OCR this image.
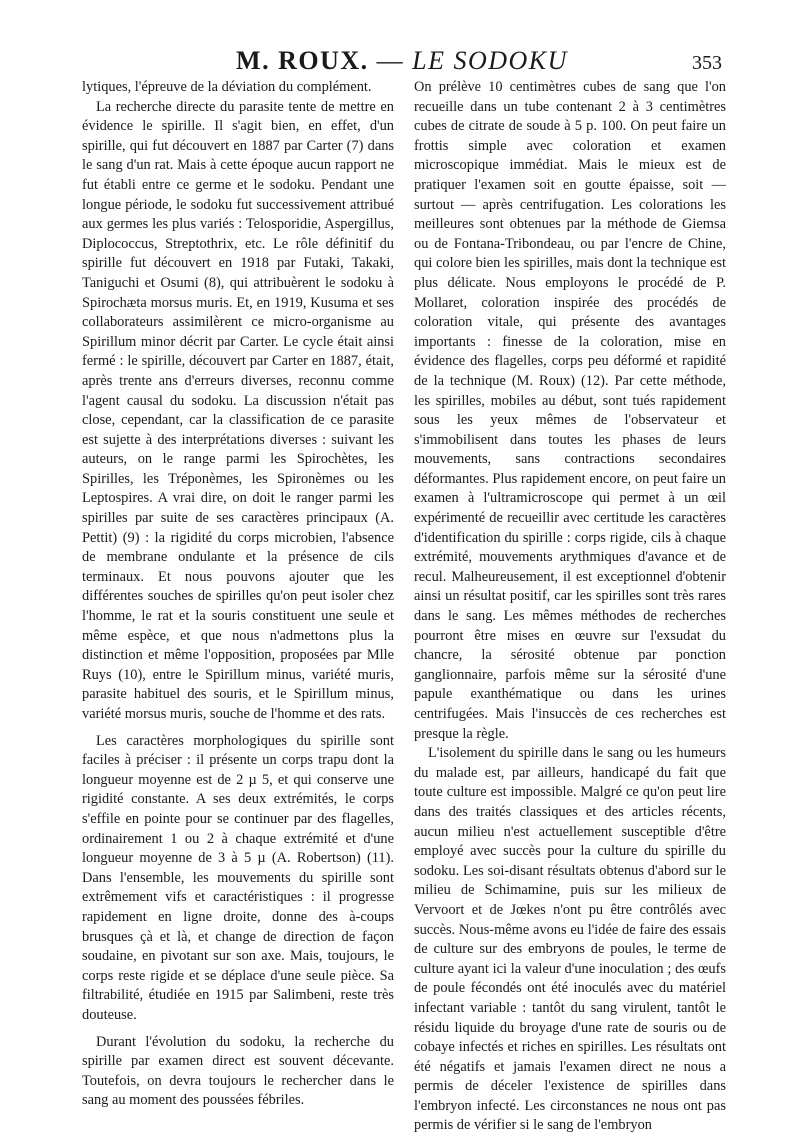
M. ROUX. — LE SODOKU	353

lytiques, l'épreuve de la déviation du complément.

La recherche directe du parasite tente de mettre en évidence le spirille. Il s'agit bien, en effet, d'un spirille, qui fut découvert en 1887 par Carter (7) dans le sang d'un rat. Mais à cette époque aucun rapport ne fut établi entre ce germe et le sodoku. Pendant une longue période, le sodoku fut successivement attribué aux germes les plus variés : Telosporidie, Aspergillus, Diplococcus, Streptothrix, etc. Le rôle définitif du spirille fut découvert en 1918 par Futaki, Takaki, Taniguchi et Osumi (8), qui attribuèrent le sodoku à Spirochæta morsus muris. Et, en 1919, Kusuma et ses collaborateurs assimilèrent ce micro-organisme au Spirillum minor décrit par Carter. Le cycle était ainsi fermé : le spirille, découvert par Carter en 1887, était, après trente ans d'erreurs diverses, reconnu comme l'agent causal du sodoku. La discussion n'était pas close, cependant, car la classification de ce parasite est sujette à des interprétations diverses : suivant les auteurs, on le range parmi les Spirochètes, les Spirilles, les Tréponèmes, les Spironèmes ou les Leptospires. A vrai dire, on doit le ranger parmi les spirilles par suite de ses caractères principaux (A. Pettit) (9) : la rigidité du corps microbien, l'absence de membrane ondulante et la présence de cils terminaux. Et nous pouvons ajouter que les différentes souches de spirilles qu'on peut isoler chez l'homme, le rat et la souris constituent une seule et même espèce, et que nous n'admettons plus la distinction et même l'opposition, proposées par Mlle Ruys (10), entre le Spirillum minus, variété muris, parasite habituel des souris, et le Spirillum minus, variété morsus muris, souche de l'homme et des rats.

Les caractères morphologiques du spirille sont faciles à préciser : il présente un corps trapu dont la longueur moyenne est de 2 µ 5, et qui conserve une rigidité constante. A ses deux extrémités, le corps s'effile en pointe pour se continuer par des flagelles, ordinairement 1 ou 2 à chaque extrémité et d'une longueur moyenne de 3 à 5 µ (A. Robertson) (11). Dans l'ensemble, les mouvements du spirille sont extrêmement vifs et caractéristiques : il progresse rapidement en ligne droite, donne des à-coups brusques çà et là, et change de direction de façon soudaine, en pivotant sur son axe. Mais, toujours, le corps reste rigide et se déplace d'une seule pièce. Sa filtrabilité, étudiée en 1915 par Salimbeni, reste très douteuse.

Durant l'évolution du sodoku, la recherche du spirille par examen direct est souvent décevante. Toutefois, on devra toujours le rechercher dans le sang au moment des poussées fébriles.

On prélève 10 centimètres cubes de sang que l'on recueille dans un tube contenant 2 à 3 centimètres cubes de citrate de soude à 5 p. 100. On peut faire un frottis simple avec coloration et examen microscopique immédiat. Mais le mieux est de pratiquer l'examen soit en goutte épaisse, soit — surtout — après centrifugation. Les colorations les meilleures sont obtenues par la méthode de Giemsa ou de Fontana-Tribondeau, ou par l'encre de Chine, qui colore bien les spirilles, mais dont la technique est plus délicate. Nous employons le procédé de P. Mollaret, coloration inspirée des procédés de coloration vitale, qui présente des avantages importants : finesse de la coloration, mise en évidence des flagelles, corps peu déformé et rapidité de la technique (M. Roux) (12). Par cette méthode, les spirilles, mobiles au début, sont tués rapidement sous les yeux mêmes de l'observateur et s'immobilisent dans toutes les phases de leurs mouvements, sans contractions secondaires déformantes. Plus rapidement encore, on peut faire un examen à l'ultramicroscope qui permet à un œil expérimenté de recueillir avec certitude les caractères d'identification du spirille : corps rigide, cils à chaque extrémité, mouvements arythmiques d'avance et de recul. Malheureusement, il est exceptionnel d'obtenir ainsi un résultat positif, car les spirilles sont très rares dans le sang. Les mêmes méthodes de recherches pourront être mises en œuvre sur l'exsudat du chancre, la sérosité obtenue par ponction ganglionnaire, parfois même sur la sérosité d'une papule exanthématique ou dans les urines centrifugées. Mais l'insuccès de ces recherches est presque la règle.

L'isolement du spirille dans le sang ou les humeurs du malade est, par ailleurs, handicapé du fait que toute culture est impossible. Malgré ce qu'on peut lire dans des traités classiques et des articles récents, aucun milieu n'est actuellement susceptible d'être employé avec succès pour la culture du spirille du sodoku. Les soi-disant résultats obtenus d'abord sur le milieu de Schimamine, puis sur les milieux de Vervoort et de Jœkes n'ont pu être contrôlés avec succès. Nous-même avons eu l'idée de faire des essais de culture sur des embryons de poules, le terme de culture ayant ici la valeur d'une inoculation ; des œufs de poule fécondés ont été inoculés avec du matériel infectant variable : tantôt du sang virulent, tantôt le résidu liquide du broyage d'une rate de souris ou de cobaye infectés et riches en spirilles. Les résultats ont été négatifs et jamais l'examen direct ne nous a permis de déceler l'existence de spirilles dans l'embryon infecté. Les circonstances ne nous ont pas permis de vérifier si le sang de l'embryon
